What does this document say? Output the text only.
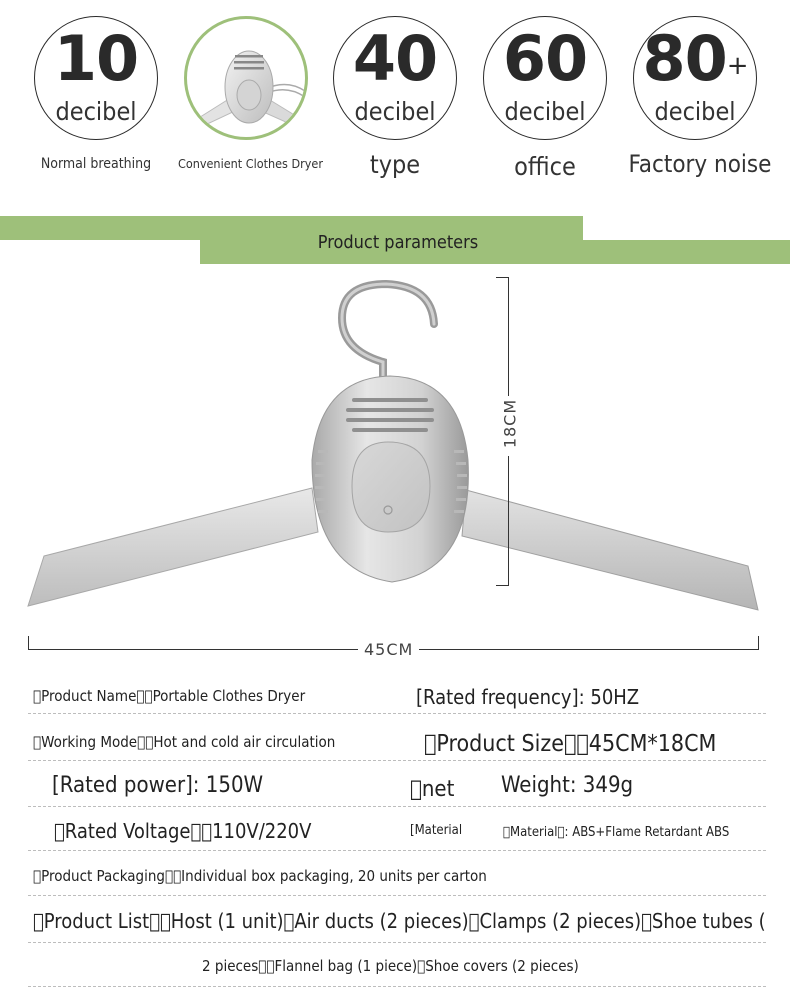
10
decibel
40
decibel
60
decibel
80+
decibel
Normal breathing	Convenient Clothes Dryer	type	office	Factory noise
Product parameters
18CM
45CM
 Product Name  Portable Clothes Dryer	[Rated frequency]: 50HZ
 Working Mode  Hot and cold air circulation	 Product Size  45CM*18CM
[Rated power]: 150W	 net Weight: 349g
 Rated Voltage  110V/220V	[Material	 Material : ABS+Flame Retardant ABS
 Product Packaging  Individual box packaging, 20 units per carton
 Product List  Host (1 unit) Air ducts (2 pieces) Clamps (2 pieces) Shoe tubes (
2 pieces  Flannel bag (1 piece) Shoe covers (2 pieces)
